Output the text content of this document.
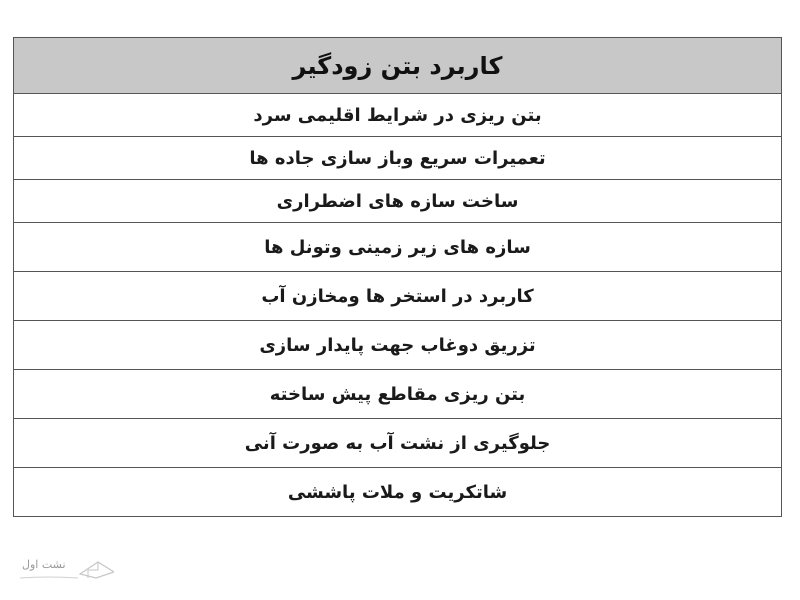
کاربرد بتن زودگیر
بتن ریزی در شرایط اقلیمی سرد
تعمیرات سریع وباز سازی جاده ها
ساخت سازه های اضطراری
سازه های زیر زمینی وتونل ها
کاربرد در استخر ها ومخازن آب
تزریق دوغاب جهت پایدار سازی
بتن ریزی مقاطع پیش ساخته
جلوگیری از نشت آب به صورت آنی
شاتکریت و ملات پاششی
نشت اول
